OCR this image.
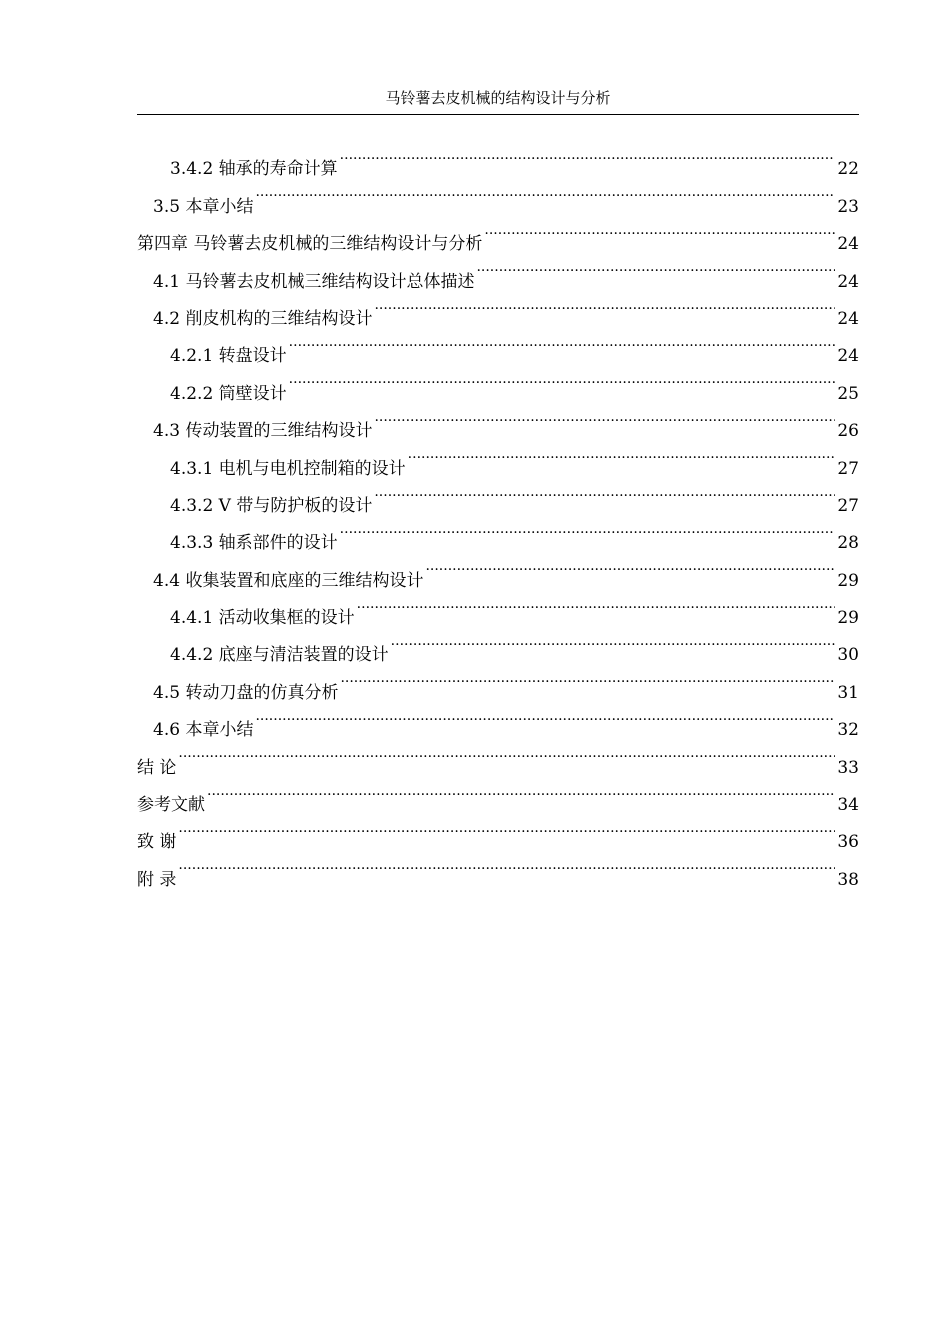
马铃薯去皮机械的结构设计与分析
3.4.2 轴承的寿命计算 .....	22
3.5 本章小结 .....	23
第四章 马铃薯去皮机械的三维结构设计与分析 .....	24
4.1 马铃薯去皮机械三维结构设计总体描述 .....	24
4.2 削皮机构的三维结构设计 .....	24
4.2.1 转盘设计 .....	24
4.2.2 筒壁设计 .....	25
4.3 传动装置的三维结构设计 .....	26
4.3.1 电机与电机控制箱的设计 .....	27
4.3.2 V 带与防护板的设计 .....	27
4.3.3 轴系部件的设计 .....	28
4.4 收集装置和底座的三维结构设计 .....	29
4.4.1 活动收集框的设计 .....	29
4.4.2 底座与清洁装置的设计 .....	30
4.5 转动刀盘的仿真分析 .....	31
4.6 本章小结 .....	32
结 论 .....	33
参考文献 .....	34
致 谢 .....	36
附 录 .....	38
